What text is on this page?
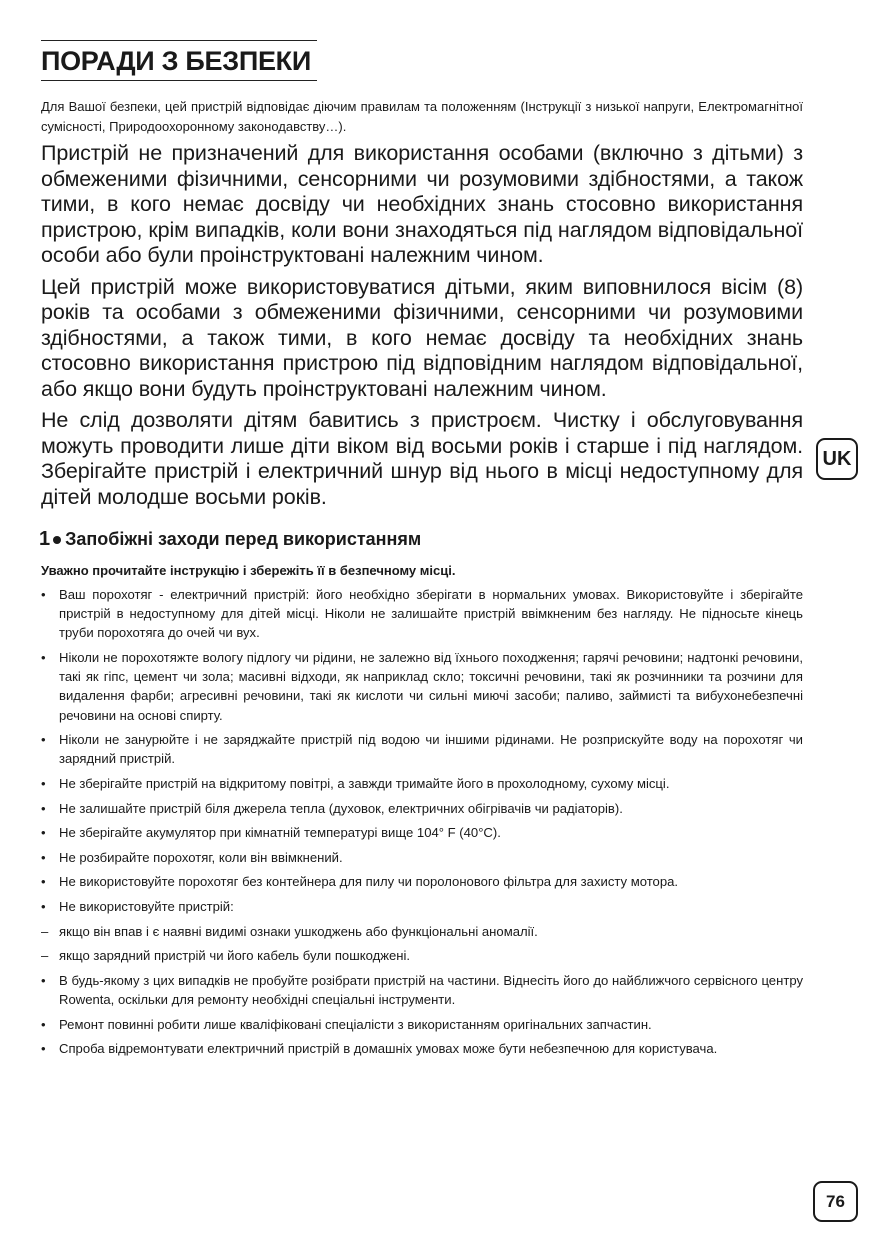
ПОРАДИ З БЕЗПЕКИ

Для Вашої безпеки, цей пристрій відповідає діючим правилам та положенням (Інструкції з низької напруги, Електромагнітної сумісності, Природоохоронному законодавству…).

Пристрій не призначений для використання особами (включно з дітьми) з обмеженими фізичними, сенсорними чи розумовими здібностями, а також тими, в кого немає досвіду чи необхідних знань стосовно використання пристрою, крім випадків, коли вони знаходяться під наглядом відповідальної особи або були проінструктовані належним чином.

Цей пристрій може використовуватися дітьми, яким виповнилося вісім (8) років та особами з обмеженими фізичними, сенсорними чи розумовими здібностями, а також тими, в кого немає досвіду та необхідних знань стосовно використання пристрою під відповідним наглядом відповідальної, або якщо вони будуть проінструктовані належним чином.

Не слід дозволяти дітям бавитись з пристроєм. Чистку і обслуговування можуть проводити лише діти віком від восьми років і старше і під наглядом. Зберігайте пристрій і електричний шнур від нього в місці недоступному для дітей молодше восьми років.

1 Запобіжні заходи перед використанням

Уважно прочитайте інструкцію і збережіть її в безпечному місці.

•	Ваш порохотяг - електричний пристрій: його необхідно зберігати в нормальних умовах. Використовуйте і зберігайте пристрій в недоступному для дітей місці. Ніколи не залишайте пристрій ввімкненим без нагляду. Не підносьте кінець труби порохотяга до очей чи вух.
•	Ніколи не порохотяжте вологу підлогу чи рідини, не залежно від їхнього походження; гарячі речовини; надтонкі речовини, такі як гіпс, цемент чи зола; масивні відходи, як наприклад скло; токсичні речовини, такі як розчинники та розчини для видалення фарби; агресивні речовини, такі як кислоти чи сильні миючі засоби; паливо, займисті та вибухонебезпечні речовини на основі спирту.
•	Ніколи не занурюйте і не заряджайте пристрій під водою чи іншими рідинами. Не розприскуйте воду на порохотяг чи зарядний пристрій.
•	Не зберігайте пристрій на відкритому повітрі, а завжди тримайте його в прохолодному, сухому місці.
•	Не залишайте пристрій біля джерела тепла (духовок, електричних обігрівачів чи радіаторів).
•	Не зберігайте акумулятор при кімнатній температурі вище 104° F (40°C).
•	Не розбирайте порохотяг, коли він ввімкнений.
•	Не використовуйте порохотяг без контейнера для пилу чи поролонового фільтра для захисту мотора.
•	Не використовуйте пристрій:
– якщо він впав і є наявні видимі ознаки ушкоджень або функціональні аномалії.
– якщо зарядний пристрій чи його кабель були пошкоджені.
•	В будь-якому з цих випадків не пробуйте розібрати пристрій на частини. Віднесіть його до найближчого сервісного центру Rowenta, оскільки для ремонту необхідні спеціальні інструменти.
•	Ремонт повинні робити лише кваліфіковані спеціалісти з використанням оригінальних запчастин.
•	Спроба відремонтувати електричний пристрій в домашніх умовах може бути небезпечною для користувача.
UK
76
